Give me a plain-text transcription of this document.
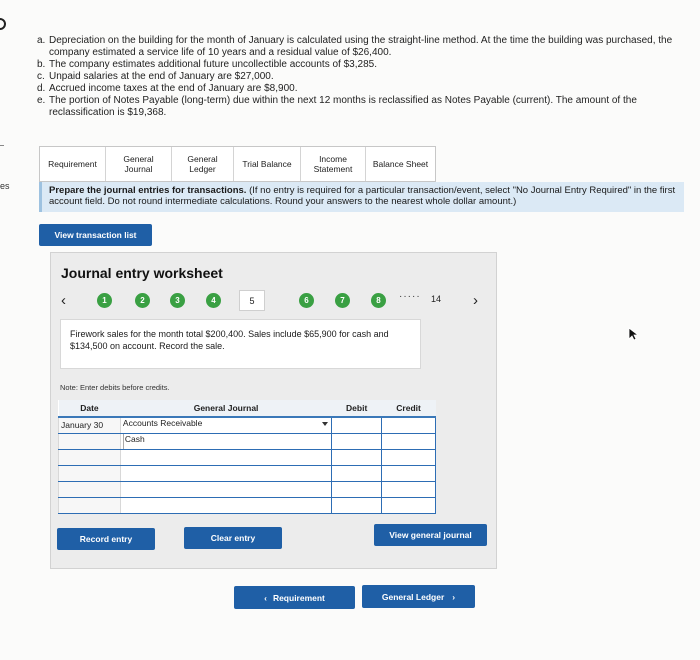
es
a. Depreciation on the building for the month of January is calculated using the straight-line method. At the time the building was purchased, the company estimated a service life of 10 years and a residual value of $26,400.
b. The company estimates additional future uncollectible accounts of $3,285.
c. Unpaid salaries at the end of January are $27,000.
d. Accrued income taxes at the end of January are $8,900.
e. The portion of Notes Payable (long-term) due within the next 12 months is reclassified as Notes Payable (current). The amount of the reclassification is $19,368.
Requirement	General Journal
General Ledger	Trial Balance	Income Statement	Balance Sheet
Prepare the journal entries for transactions. (If no entry is required for a particular transaction/event, select "No Journal Entry Required" in the first account field. Do not round intermediate calculations. Round your answers to the nearest whole dollar amount.)
View transaction list
Journal entry worksheet
‹	1	2	3	4	5	6	7	8	····· 14 ›
Firework sales for the month total $200,400. Sales include $65,900 for cash and $134,500 on account. Record the sale.
Note: Enter debits before credits.
Date	General Journal	Debit	Credit
January 30	Accounts Receivable

	Cash		

Record entry	Clear entry	View general journal
‹ Requirement	General Ledger ›
